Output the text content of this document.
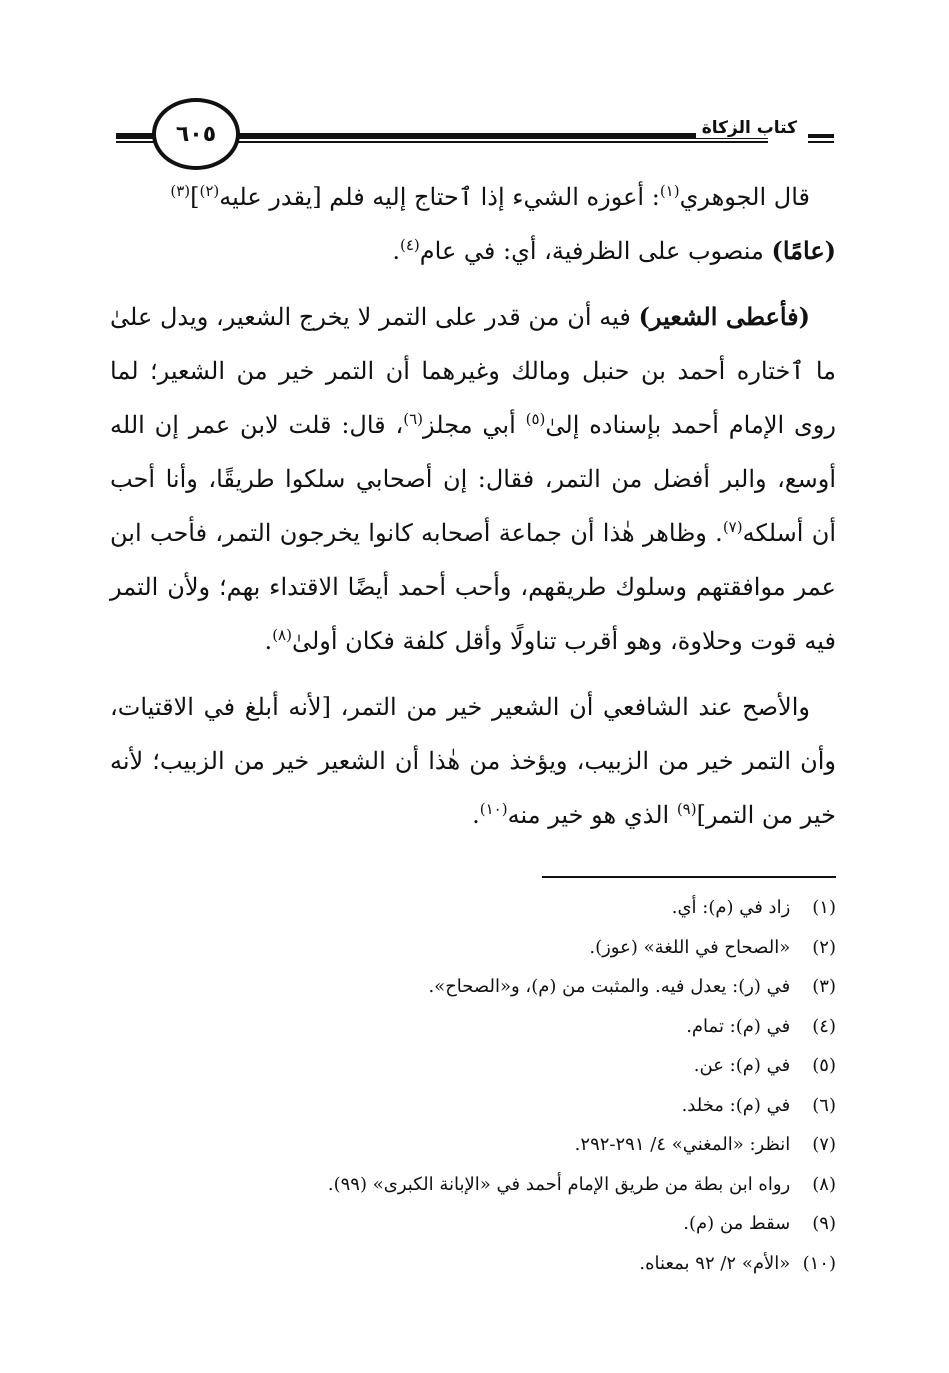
كتاب الزكاة
٦٠٥

قال الجوهري$^{(١)}$: أعوزه الشيء إذا ٱحتاج إليه فلم [يقدر عليه$^{(٢)}$]$^{(٣)}$
(عامًا) منصوب على الظرفية، أي: في عام$^{(٤)}$.

(فأعطى الشعير) فيه أن من قدر على التمر لا يخرج الشعير، ويدل علىٰ ما ٱختاره أحمد بن حنبل ومالك وغيرهما أن التمر خير من الشعير؛ لما روى الإمام أحمد بإسناده إلىٰ$^{(٥)}$ أبي مجلز$^{(٦)}$، قال: قلت لابن عمر إن الله أوسع، والبر أفضل من التمر، فقال: إن أصحابي سلكوا طريقًا، وأنا أحب أن أسلكه$^{(٧)}$. وظاهر هٰذا أن جماعة أصحابه كانوا يخرجون التمر، فأحب ابن عمر موافقتهم وسلوك طريقهم، وأحب أحمد أيضًا الاقتداء بهم؛ ولأن التمر فيه قوت وحلاوة، وهو أقرب تناولًا وأقل كلفة فكان أولىٰ$^{(٨)}$.

والأصح عند الشافعي أن الشعير خير من التمر، [لأنه أبلغ في الاقتيات، وأن التمر خير من الزبيب، ويؤخذ من هٰذا أن الشعير خير من الزبيب؛ لأنه خير من التمر]$^{(٩)}$ الذي هو خير منه$^{(١٠)}$.

(١) زاد في (م): أي.
(٢) «الصحاح في اللغة» (عوز).
(٣) في (ر): يعدل فيه. والمثبت من (م)، و«الصحاح».
(٤) في (م): تمام.
(٥) في (م): عن.
(٦) في (م): مخلد.
(٧) انظر: «المغني» ٤/ ٢٩١-٢٩٢.
(٨) رواه ابن بطة من طريق الإمام أحمد في «الإبانة الكبرى» (٩٩).
(٩) سقط من (م).
(١٠) «الأم» ٢/ ٩٢ بمعناه.
